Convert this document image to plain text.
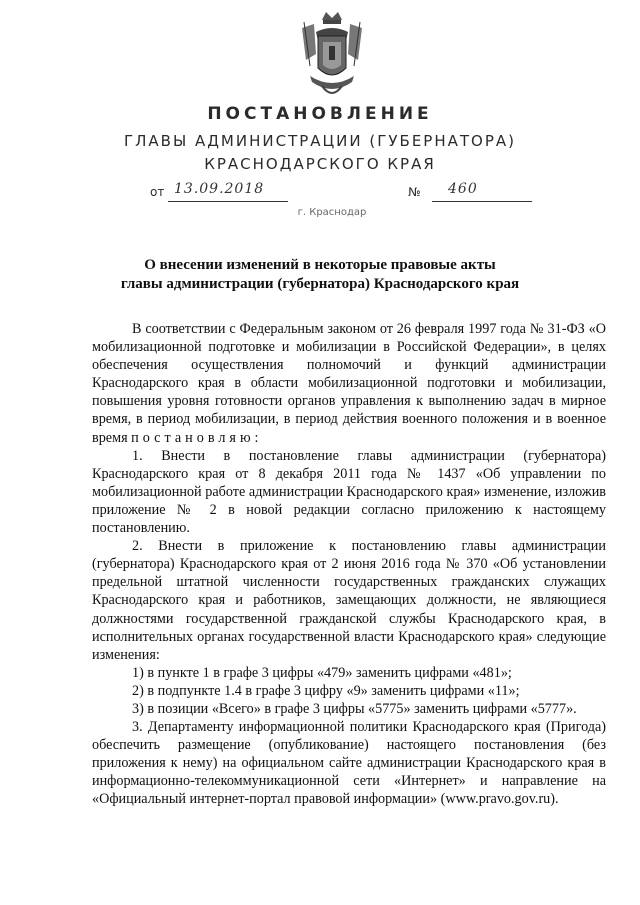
ПОСТАНОВЛЕНИЕ
ГЛАВЫ АДМИНИСТРАЦИИ (ГУБЕРНАТОРА)
КРАСНОДАРСКОГО КРАЯ
от 13.09.2018	№ 460
г. Краснодар
О внесении изменений в некоторые правовые акты
главы администрации (губернатора) Краснодарского края

В соответствии с Федеральным законом от 26 февраля 1997 года № 31-ФЗ «О мобилизационной подготовке и мобилизации в Российской Федерации», в целях обеспечения осуществления полномочий и функций администрации Краснодарского края в области мобилизационной подготовки и мобилизации, повышения уровня готовности органов управления к выполнению задач в мирное время, в период мобилизации, в период действия военного положения и в военное время постановляю:

1. Внести в постановление главы администрации (губернатора) Краснодарского края от 8 декабря 2011 года № 1437 «Об управлении по мобилизационной работе администрации Краснодарского края» изменение, изложив приложение № 2 в новой редакции согласно приложению к настоящему постановлению.

2. Внести в приложение к постановлению главы администрации (губернатора) Краснодарского края от 2 июня 2016 года № 370 «Об установлении предельной штатной численности государственных гражданских служащих Краснодарского края и работников, замещающих должности, не являющиеся должностями государственной гражданской службы Краснодарского края, в исполнительных органах государственной власти Краснодарского края» следующие изменения:

1) в пункте 1 в графе 3 цифры «479» заменить цифрами «481»;

2) в подпункте 1.4 в графе 3 цифру «9» заменить цифрами «11»;

3) в позиции «Всего» в графе 3 цифры «5775» заменить цифрами «5777».

3. Департаменту информационной политики Краснодарского края (Пригода) обеспечить размещение (опубликование) настоящего постановления (без приложения к нему) на официальном сайте администрации Краснодарского края в информационно-телекоммуникационной сети «Интернет» и направление на «Официальный интернет-портал правовой информации» (www.pravo.gov.ru).
